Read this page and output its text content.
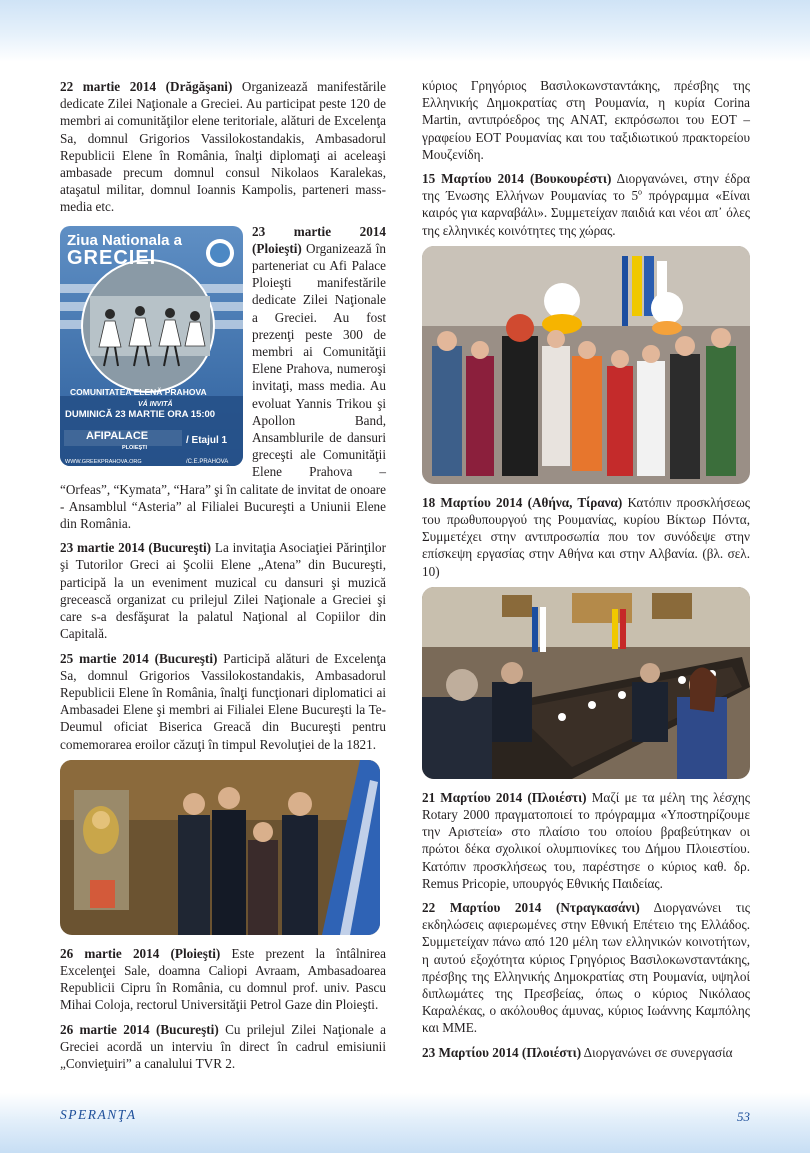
22 martie 2014 (Drăgăşani) Organizează manifestările dedicate Zilei Naţionale a Greciei. Au participat peste 120 de membri ai comunităţilor elene teritoriale, alături de Excelenţa Sa, domnul Grigorios Vassilokostandakis, Ambasadorul Republicii Elene în România, înalţi diplomaţi ai aceleaşi ambasade precum domnul consul Nikolaos Karalekas, ataşatul militar, domnul Ioannis Kampolis, parteneri mass-media etc.

Ziua Nationala a
GRECIEI
COMUNITATEA ELENĂ PRAHOVA
VĂ INVITĂ
DUMINICĂ 23 MARTIE ORA 15:00
AFIPALACE
PLOIEŞTI
/ Etajul 1
WWW.GREEKPRAHOVA.ORG	/C.E.PRAHOVA

23 martie 2014 (Ploieşti) Organizează în parteneriat cu Afi Palace Ploieşti manifestările dedicate Zilei Naţionale a Greciei. Au fost prezenţi peste 300 de membri ai Comunităţii Elene Prahova, numeroşi invitaţi, mass media. Au evoluat Yannis Trikou şi Apollon Band, Ansamblurile de dansuri greceşti ale Comunităţii Elene Prahova – “Orfeas”, “Kymata”, “Hara” şi în calitate de invitat de onoare - Ansamblul “Asteria” al Filialei Bucureşti a Uniunii Elene din România.

23 martie 2014 (Bucureşti) La invitaţia Asociaţiei Părinţilor şi Tutorilor Greci ai Şcolii Elene „Atena” din Bucureşti, participă la un eveniment muzical cu dansuri şi muzică grecească organizat cu prilejul Zilei Naţionale a Greciei şi care s-a desfăşurat la palatul Naţional al Copiilor din Capitală.

25 martie 2014 (Bucureşti) Participă alături de Excelenţa Sa, domnul Grigorios Vassilokostandakis, Ambasadorul Republicii Elene în România, înalţi funcţionari diplomatici ai Ambasadei Elene şi membri ai Filialei Elene Bucureşti la Te-Deumul oficiat Biserica Greacă din Bucureşti pentru comemorarea eroilor căzuţi în timpul Revoluţiei de la 1821.

26 martie 2014 (Ploieşti) Este prezent la întâlnirea Excelenţei Sale, doamna Caliopi Avraam, Ambasadoarea Republicii Cipru în România, cu domnul prof. univ. Pascu Mihai Coloja, rectorul Universităţii Petrol Gaze din Ploieşti.

26 martie 2014 (Bucureşti) Cu prilejul Zilei Naţionale a Greciei acordă un interviu în direct în cadrul emisiunii „Convieţuiri” a canalului TVR 2.

κύριος Γρηγόριος Βασιλοκωνσταντάκης, πρέσβης της Ελληνικής Δημοκρατίας στη Ρουμανία, η κυρία Corina Martin, αντιπρόεδρος της ΑΝΑΤ, εκπρόσωποι του ΕΟΤ – γραφείου ΕΟΤ Ρουμανίας και του ταξιδιωτικού πρακτορείου Μουζενίδη.

15 Μαρτίου 2014 (Βουκουρέστι) Διοργανώνει, στην έδρα της Ένωσης Ελλήνων Ρουμανίας το $5^o$ πρόγραμμα «Είναι καιρός για καρναβάλι». Συμμετείχαν παιδιά και νέοι απ᾽ όλες της ελληνικές κοινότητες της χώρας.

18 Μαρτίου 2014 (Αθήνα, Τίρανα) Κατόπιν προσκλήσεως του πρωθυπουργού της Ρουμανίας, κυρίου Βίκτωρ Πόντα, Συμμετέχει στην αντιπροσωπία που τον συνόδεψε στην επίσκεψη εργασίας στην Αθήνα και στην Αλβανία. (βλ. σελ. 10)

21 Μαρτίου 2014 (Πλοιέστι) Μαζί με τα μέλη της λέσχης Rotary 2000 πραγματοποιεί το πρόγραμμα «Υποστηρίζουμε την Αριστεία» στο πλαίσιο του οποίου βραβεύτηκαν οι πρώτοι δέκα σχολικοί ολυμπιονίκες του Δήμου Πλοιεστίου. Κατόπιν προσκλήσεως του, παρέστησε ο κύριος καθ. δρ. Remus Pricopie, υπουργός Εθνικής Παιδείας.

22 Μαρτίου 2014 (Ντραγκασάνι) Διοργανώνει τις εκδηλώσεις αφιερωμένες στην Εθνική Επέτειο της Ελλάδος. Συμμετείχαν πάνω από 120 μέλη των ελληνικών κοινοτήτων, η αυτού εξοχότητα κύριος Γρηγόριος Βασιλοκωνσταντάκης, πρέσβης της Ελληνικής Δημοκρατίας στη Ρουμανία, υψηλοί διπλωμάτες της Πρεσβείας, όπως ο κύριος Νικόλαος Καραλέκας, ο ακόλουθος άμυνας, κύριος Ιωάννης Καμπόλης και ΜΜΕ.

23 Μαρτίου 2014 (Πλοιέστι) Διοργανώνει σε συνεργασία

SPERANŢA	53
